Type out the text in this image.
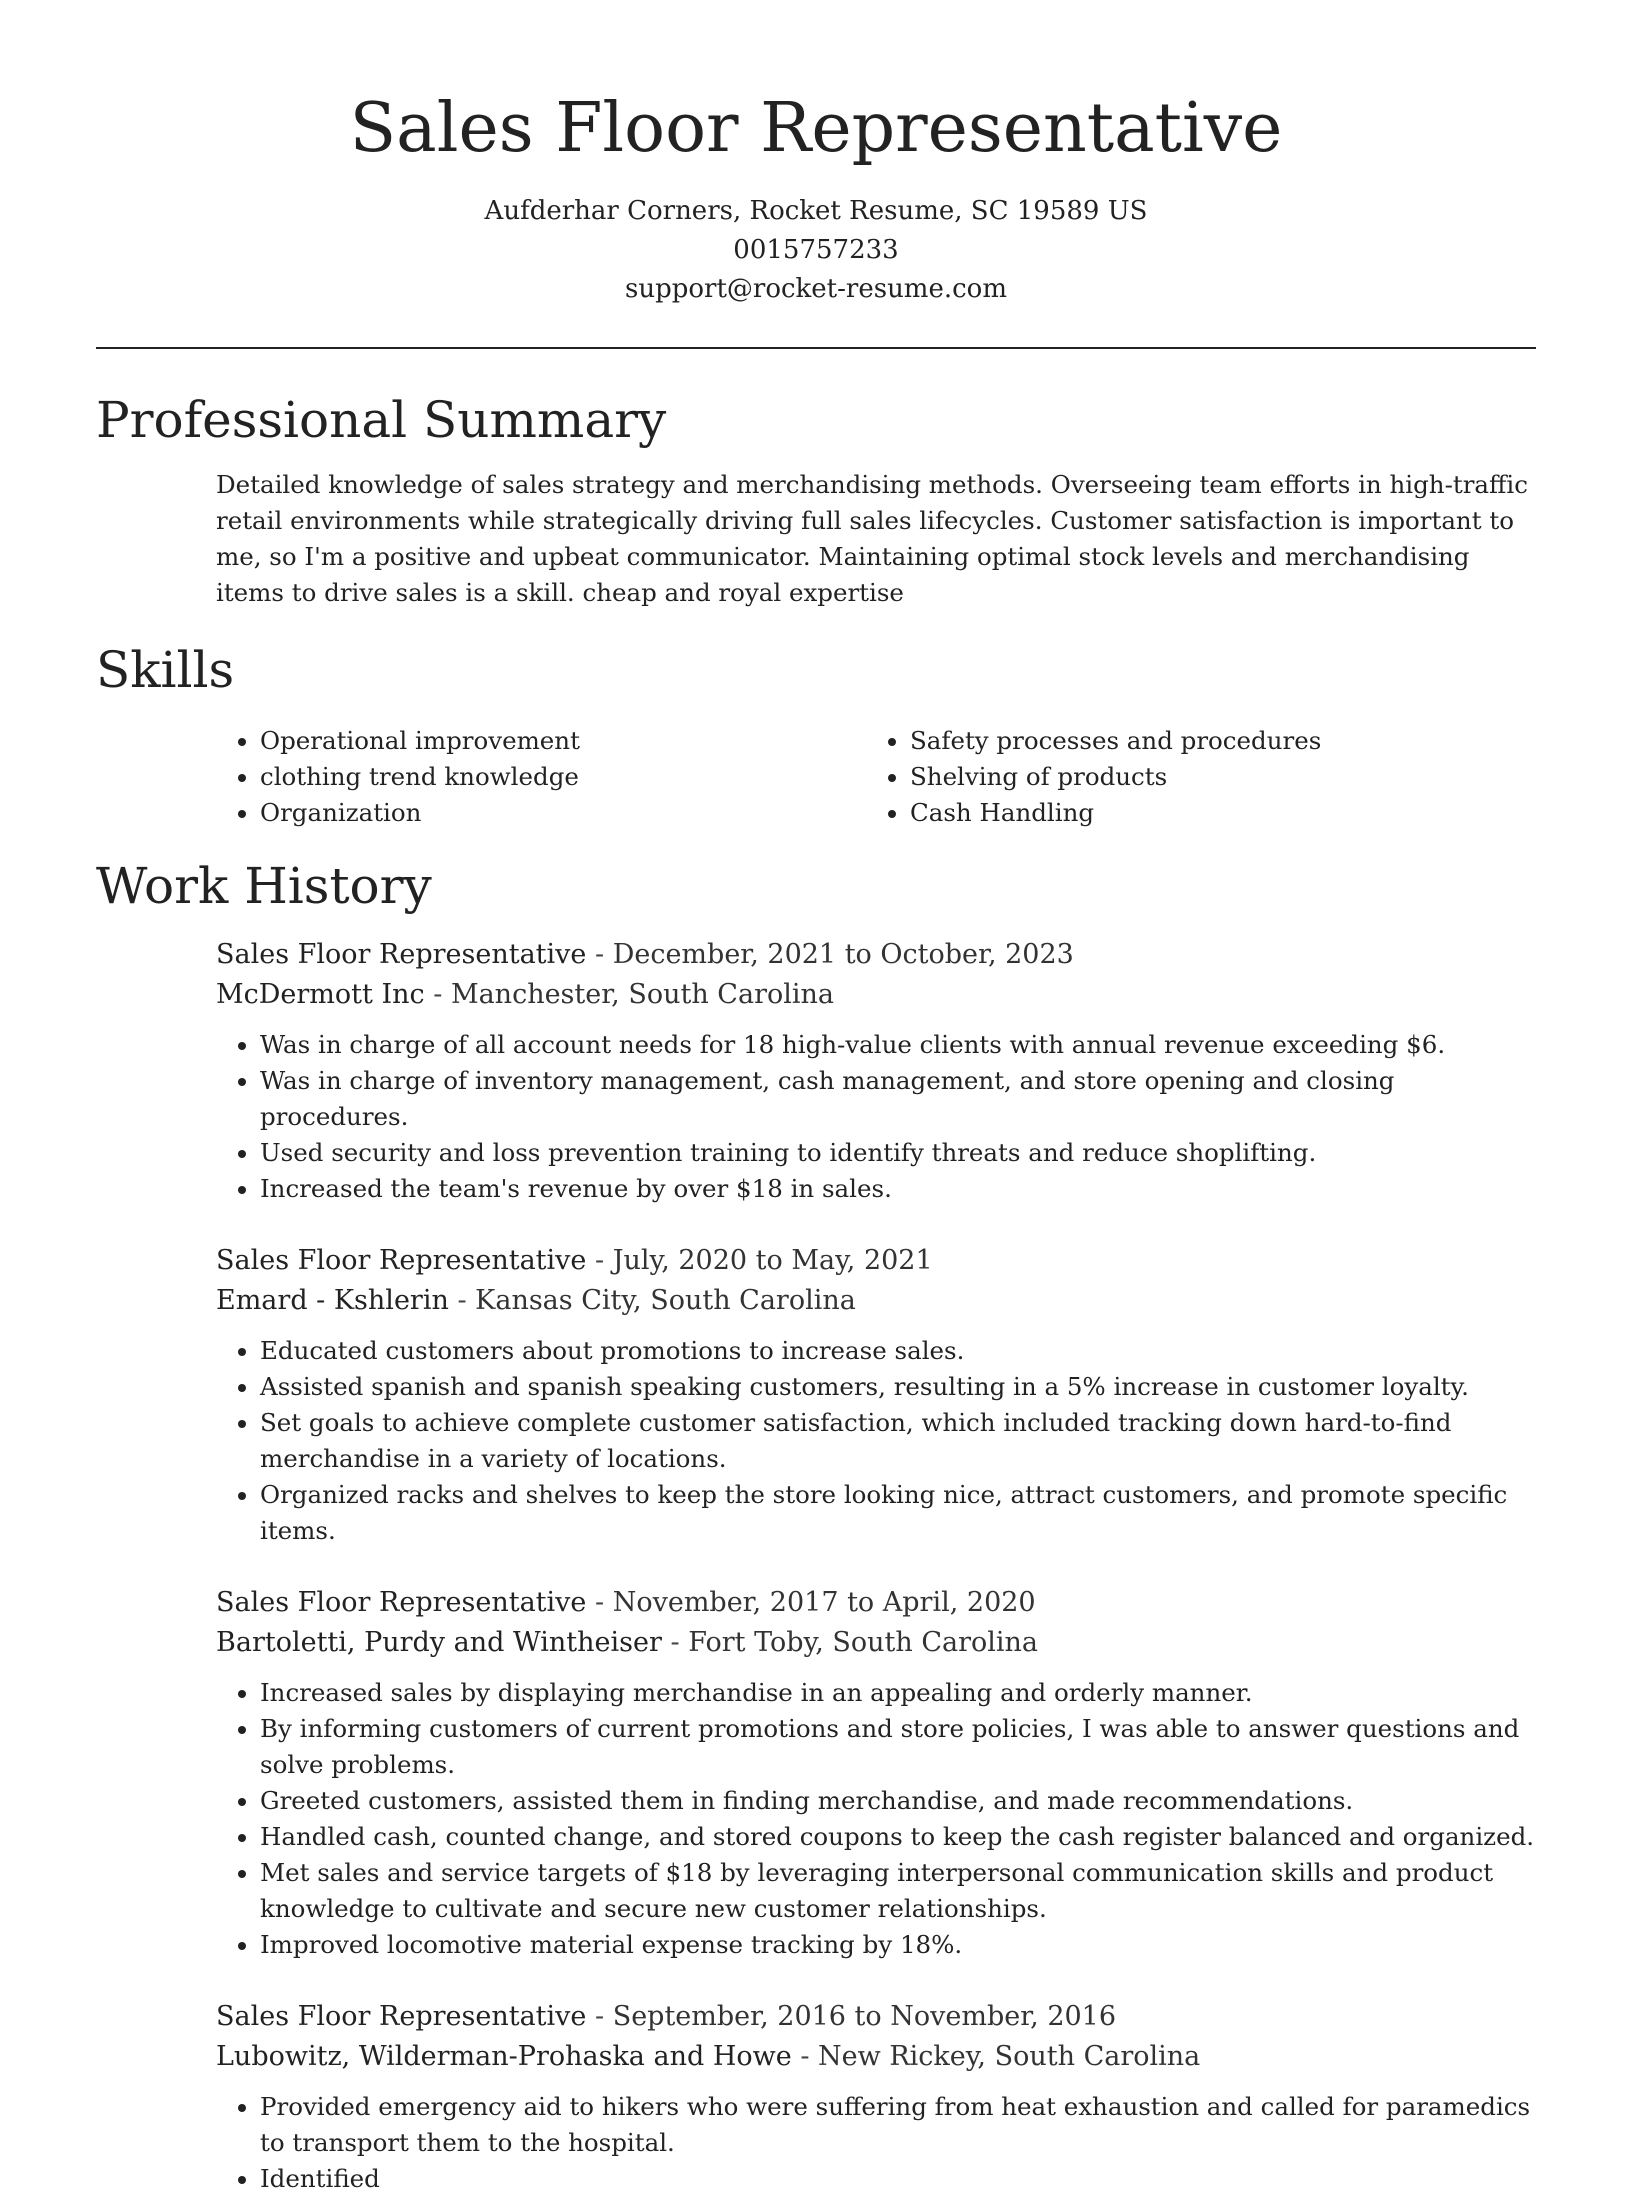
Sales Floor Representative
Aufderhar Corners, Rocket Resume, SC 19589 US
0015757233
support@rocket-resume.com
Professional Summary

Detailed knowledge of sales strategy and merchandising methods. Overseeing team efforts in high-traffic retail environments while strategically driving full sales lifecycles. Customer satisfaction is important to me, so I'm a positive and upbeat communicator. Maintaining optimal stock levels and merchandising items to drive sales is a skill. cheap and royal expertise

Skills
• Operational improvement
• clothing trend knowledge
• Organization
• Safety processes and procedures
• Shelving of products
• Cash Handling
Work History
Sales Floor Representative - December, 2021 to October, 2023
McDermott Inc - Manchester, South Carolina
• Was in charge of all account needs for 18 high-value clients with annual revenue exceeding $6.
• Was in charge of inventory management, cash management, and store opening and closing procedures.
• Used security and loss prevention training to identify threats and reduce shoplifting.
• Increased the team's revenue by over $18 in sales.
Sales Floor Representative - July, 2020 to May, 2021
Emard - Kshlerin - Kansas City, South Carolina
• Educated customers about promotions to increase sales.
• Assisted spanish and spanish speaking customers, resulting in a 5% increase in customer loyalty.
• Set goals to achieve complete customer satisfaction, which included tracking down hard-to-find merchandise in a variety of locations.
• Organized racks and shelves to keep the store looking nice, attract customers, and promote specific items.
Sales Floor Representative - November, 2017 to April, 2020
Bartoletti, Purdy and Wintheiser - Fort Toby, South Carolina
• Increased sales by displaying merchandise in an appealing and orderly manner.
• By informing customers of current promotions and store policies, I was able to answer questions and solve problems.
• Greeted customers, assisted them in finding merchandise, and made recommendations.
• Handled cash, counted change, and stored coupons to keep the cash register balanced and organized.
• Met sales and service targets of $18 by leveraging interpersonal communication skills and product knowledge to cultivate and secure new customer relationships.
• Improved locomotive material expense tracking by 18%.
Sales Floor Representative - September, 2016 to November, 2016
Lubowitz, Wilderman-Prohaska and Howe - New Rickey, South Carolina
• Provided emergency aid to hikers who were suffering from heat exhaustion and called for paramedics to transport them to the hospital.
• Identified
